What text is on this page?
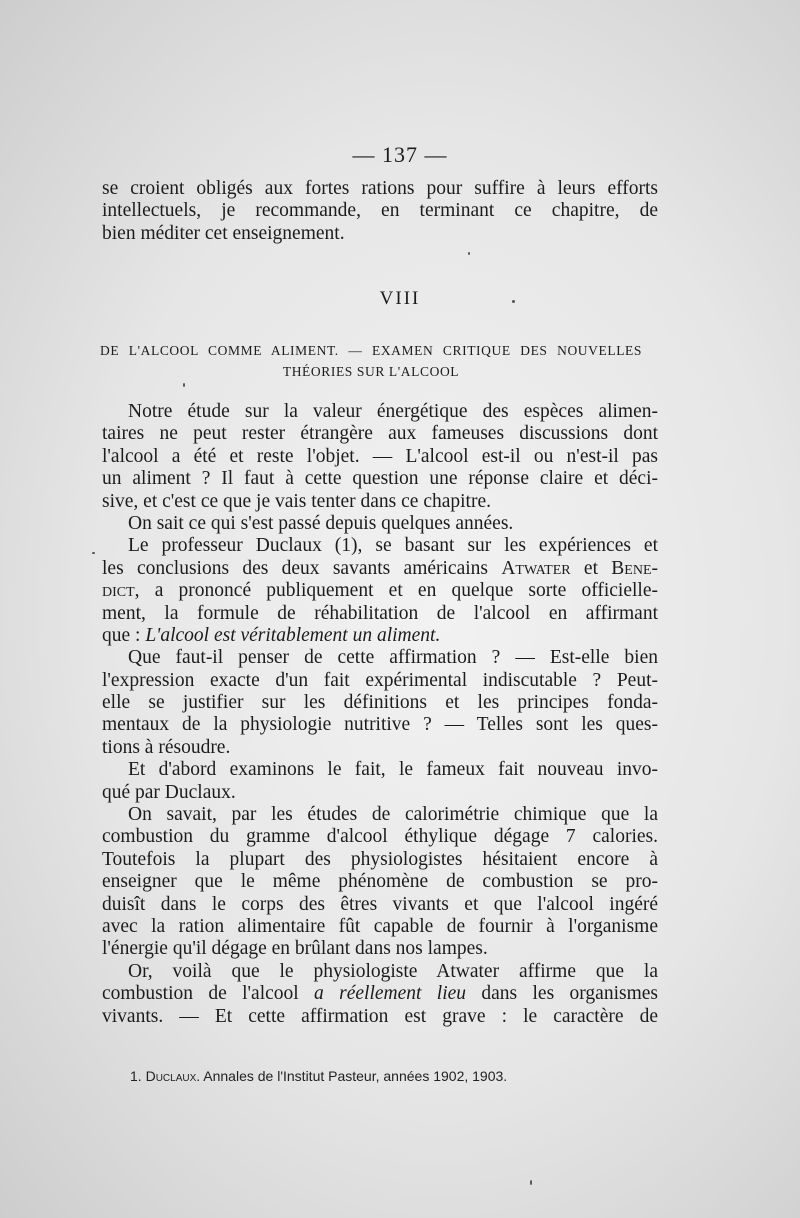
— 137 —
se croient obligés aux fortes rations pour suffire à leurs efforts
intellectuels, je recommande, en terminant ce chapitre, de
bien méditer cet enseignement.
VIII
DE L'ALCOOL COMME ALIMENT. — EXAMEN CRITIQUE DES NOUVELLES
THÉORIES SUR L'ALCOOL
Notre étude sur la valeur énergétique des espèces alimen-
taires ne peut rester étrangère aux fameuses discussions dont
l'alcool a été et reste l'objet. — L'alcool est-il ou n'est-il pas
un aliment ? Il faut à cette question une réponse claire et déci-
sive, et c'est ce que je vais tenter dans ce chapitre.
On sait ce qui s'est passé depuis quelques années.
Le professeur Duclaux (1), se basant sur les expériences et
les conclusions des deux savants américains Atwater et Bene-
dict, a prononcé publiquement et en quelque sorte officielle-
ment, la formule de réhabilitation de l'alcool en affirmant
que : L'alcool est véritablement un aliment.
Que faut-il penser de cette affirmation ? — Est-elle bien
l'expression exacte d'un fait expérimental indiscutable ? Peut-
elle se justifier sur les définitions et les principes fonda-
mentaux de la physiologie nutritive ? — Telles sont les ques-
tions à résoudre.
Et d'abord examinons le fait, le fameux fait nouveau invo-
qué par Duclaux.
On savait, par les études de calorimétrie chimique que la
combustion du gramme d'alcool éthylique dégage 7 calories.
Toutefois la plupart des physiologistes hésitaient encore à
enseigner que le même phénomène de combustion se pro-
duisît dans le corps des êtres vivants et que l'alcool ingéré
avec la ration alimentaire fût capable de fournir à l'organisme
l'énergie qu'il dégage en brûlant dans nos lampes.
Or, voilà que le physiologiste Atwater affirme que la
combustion de l'alcool a réellement lieu dans les organismes
vivants. — Et cette affirmation est grave : le caractère de
1. Duclaux. Annales de l'Institut Pasteur, années 1902, 1903.
